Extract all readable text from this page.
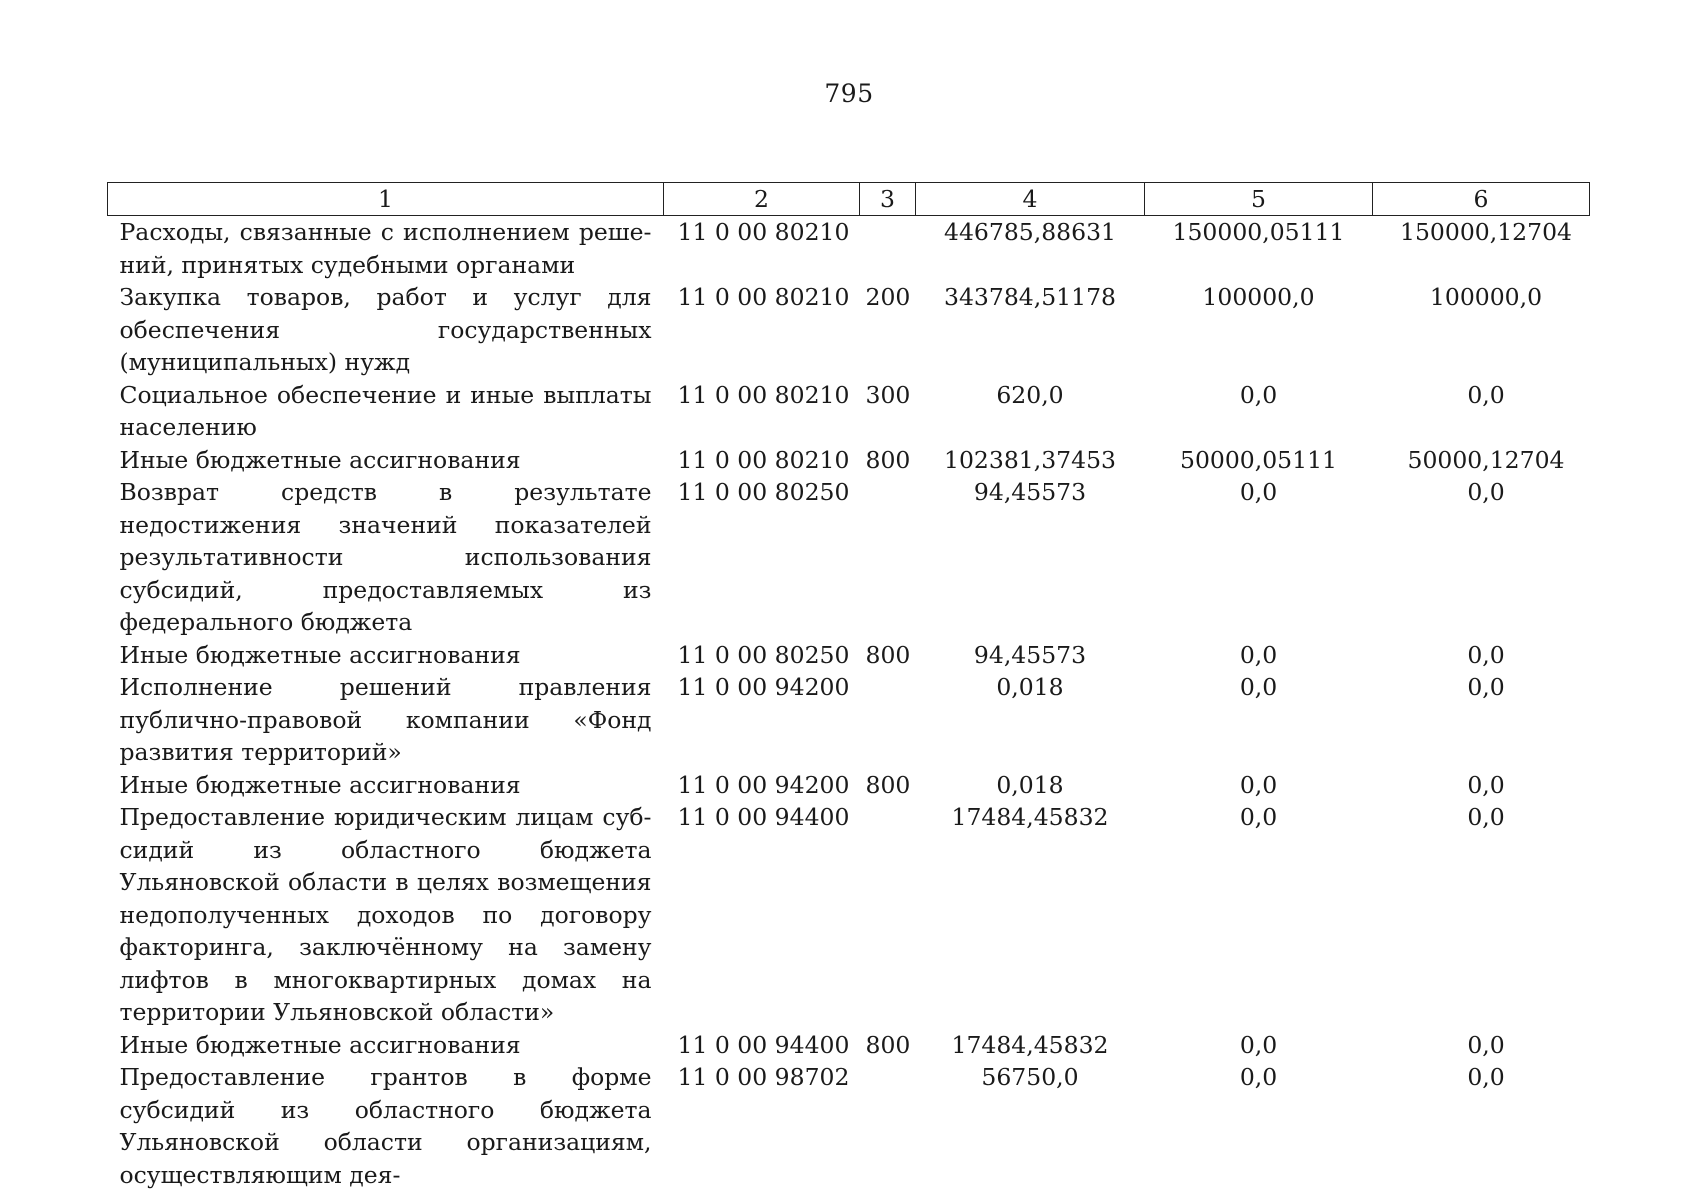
795
1	2	3	4	5	6
Расходы, связанные с исполнением решений, принятых судебными органами	11 0 00 80210		446785,88631	150000,05111	150000,12704
Закупка товаров, работ и услуг для обеспечения государственных (муниципальных) нужд	11 0 00 80210	200	343784,51178	100000,0	100000,0
Социальное обеспечение и иные выплаты населению	11 0 00 80210	300	620,0	0,0	0,0
Иные бюджетные ассигнования	11 0 00 80210	800	102381,37453	50000,05111	50000,12704
Возврат средств в результате недостижения значений показателей результативности использования субсидий, предоставляемых из федерального бюджета	11 0 00 80250		94,45573	0,0	0,0
Иные бюджетные ассигнования	11 0 00 80250	800	94,45573	0,0	0,0
Исполнение решений правления публично-правовой компании «Фонд развития территорий»	11 0 00 94200		0,018	0,0	0,0
Иные бюджетные ассигнования	11 0 00 94200	800	0,018	0,0	0,0
Предоставление юридическим лицам субсидий из областного бюджета Ульяновской области в целях возмещения недополученных доходов по договору факторинга, заключённому на замену лифтов в многоквартирных домах на территории Ульяновской области»	11 0 00 94400		17484,45832	0,0	0,0
Иные бюджетные ассигнования	11 0 00 94400	800	17484,45832	0,0	0,0
Предоставление грантов в форме субсидий из областного бюджета Ульяновской области организациям, осуществляющим дея-	11 0 00 98702		56750,0	0,0	0,0
